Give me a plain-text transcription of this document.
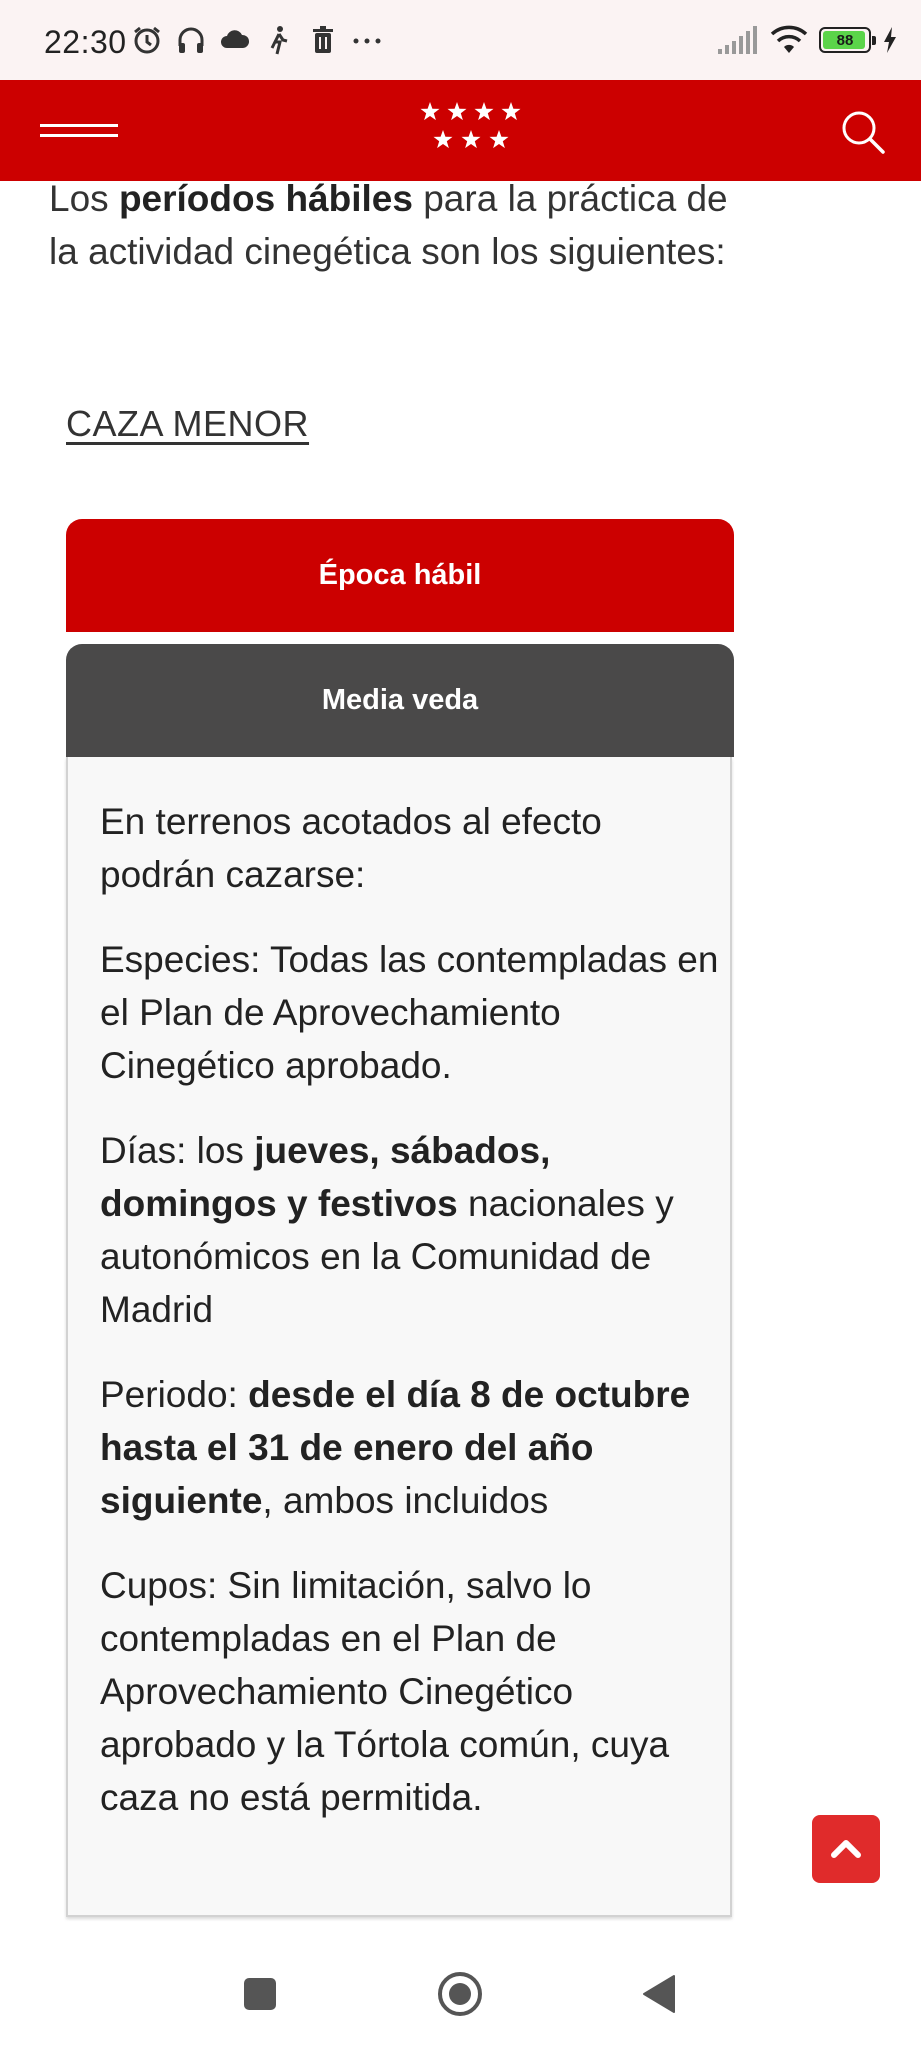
22:30	88

Los períodos hábiles para la práctica de la actividad cinegética son los siguientes:

CAZA MENOR
Época hábil
Media veda

En terrenos acotados al efecto podrán cazarse:

Especies: Todas las contempladas en el Plan de Aprovechamiento Cinegético aprobado.

Días: los jueves, sábados, domingos y festivos nacionales y autonómicos en la Comunidad de Madrid

Periodo: desde el día 8 de octubre hasta el 31 de enero del año siguiente, ambos incluidos

Cupos: Sin limitación, salvo lo contempladas en el Plan de Aprovechamiento Cinegético aprobado y la Tórtola común, cuya caza no está permitida.
